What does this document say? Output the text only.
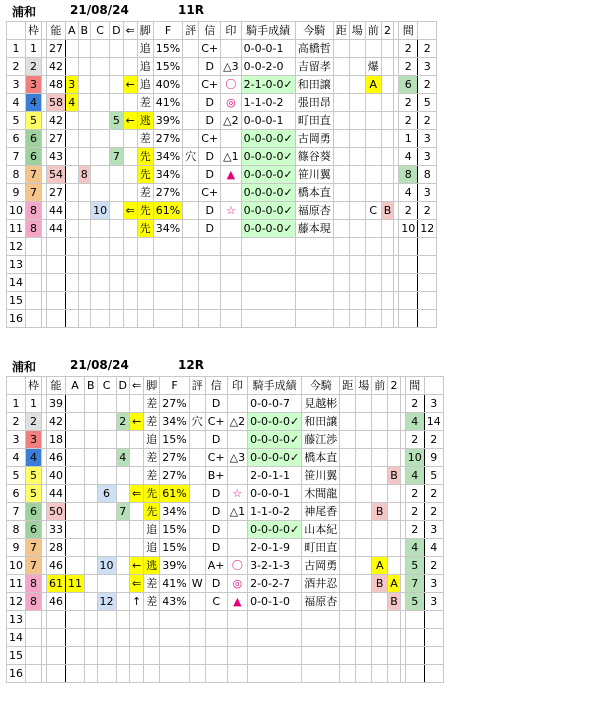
浦和	21/08/24	11R
	枠		能	A	B	C	D	⇐	脚	F	評	信	印	騎手成績	今騎	距	場	前	2		間	
1	1		27						追	15%		C+		0-0-0-1	高橋哲						2	2
2	2		42						追	15%		D	△3	0-0-2-0	吉留孝			爆			2	3
3	3		48	3				←	追	40%		C+	〇	2-1-0-0✓	和田譲			A			6	2
4	4		58	4					差	41%		D	◎	1-1-0-2	張田昂						2	5
5	5		42				5	←	逃	39%		D	△2	0-0-0-1	町田直						2	2
6	6		27						差	27%		C+		0-0-0-0✓	古岡勇						1	3
7	6		43				7		先	34%	穴	D	△1	0-0-0-0✓	篠谷葵						4	3
8	7		54		8				先	34%		D	▲	0-0-0-0✓	笹川翼						8	8
9	7		27						差	27%		C+		0-0-0-0✓	橋本直						4	3
10	8		44			10		⇐	先	61%		D	☆	0-0-0-0✓	福原杏			C	B		2	2
11	8		44						先	34%		D		0-0-0-0✓	藤本現						10	12
12																						
13																						
14																						
15																						
16																						
浦和	21/08/24	12R
	枠		能	A	B	C	D	⇐	脚	F	評	信	印	騎手成績	今騎	距	場	前	2		間	
1	1		39						差	27%		D		0-0-0-7	見越彬						2	3
2	2		42				2	←	差	34%	穴	C+	△2	0-0-0-0✓	和田譲						4	14
3	3		18						追	15%		D		0-0-0-0✓	藤江渉						2	2
4	4		46				4		差	27%		C+	△3	0-0-0-0✓	橋本直						10	9
5	5		40						差	27%		B+		2-0-1-1	笹川翼				B		4	5
6	5		44			6		⇐	先	61%		D	☆	0-0-0-1	木間龍						2	2
7	6		50				7		先	34%		D	△1	1-1-0-2	神尾香			B			2	2
8	6		33						追	15%		D		0-0-0-0✓	山本紀						2	3
9	7		28						追	15%		D		2-0-1-9	町田直						4	4
10	7		46			10		←	逃	39%		A+	〇	3-2-1-3	古岡勇			A			5	2
11	8		61	11				⇐	差	41%	W	D	◎	2-0-2-7	酒井忍			B	A		7	3
12	8		46			12		↑	差	43%		C	▲	0-0-1-0	福原杏				B		5	3
13																						
14																						
15																						
16																						
